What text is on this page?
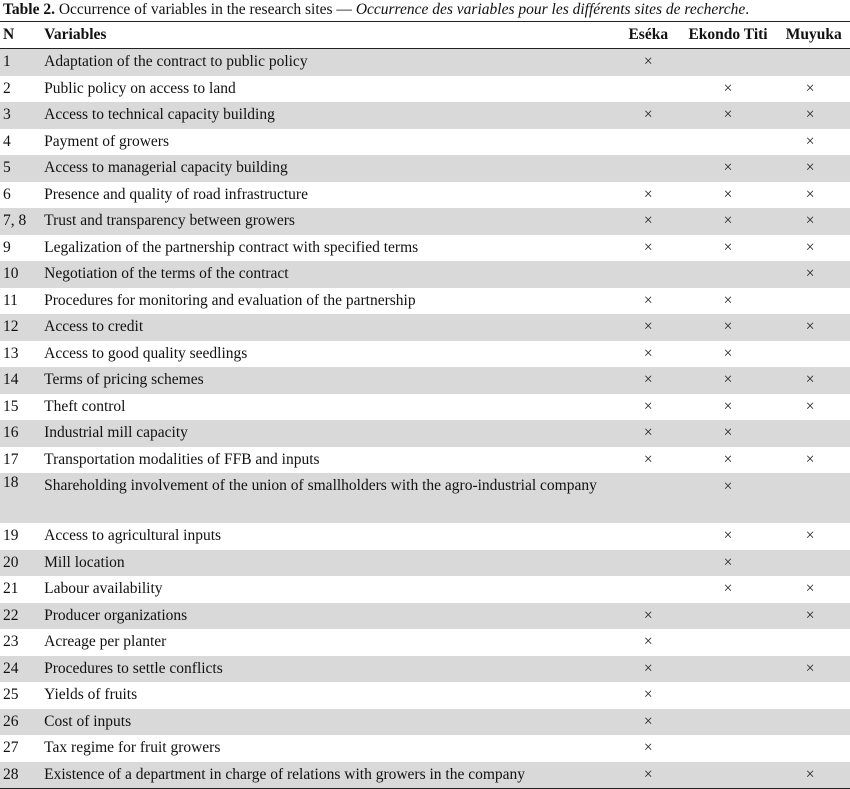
Table 2. Occurrence of variables in the research sites — Occurrence des variables pour les différents sites de recherche.
N	Variables	Eséka	Ekondo Titi	Muyuka
1	Adaptation of the contract to public policy	×		
2	Public policy on access to land		×	×
3	Access to technical capacity building	×	×	×
4	Payment of growers			×
5	Access to managerial capacity building		×	×
6	Presence and quality of road infrastructure	×	×	×
7, 8	Trust and transparency between growers	×	×	×
9	Legalization of the partnership contract with specified terms	×	×	×
10	Negotiation of the terms of the contract			×
11	Procedures for monitoring and evaluation of the partnership	×	×	
12	Access to credit	×	×	×
13	Access to good quality seedlings	×	×	
14	Terms of pricing schemes	×	×	×
15	Theft control	×	×	×
16	Industrial mill capacity	×	×	
17	Transportation modalities of FFB and inputs	×	×	×
18	Shareholding involvement of the union of smallholders with the agro-industrial company		×	
19	Access to agricultural inputs		×	×
20	Mill location		×	
21	Labour availability		×	×
22	Producer organizations	×		×
23	Acreage per planter	×		
24	Procedures to settle conflicts	×		×
25	Yields of fruits	×		
26	Cost of inputs	×		
27	Tax regime for fruit growers	×		
28	Existence of a department in charge of relations with growers in the company	×		×
